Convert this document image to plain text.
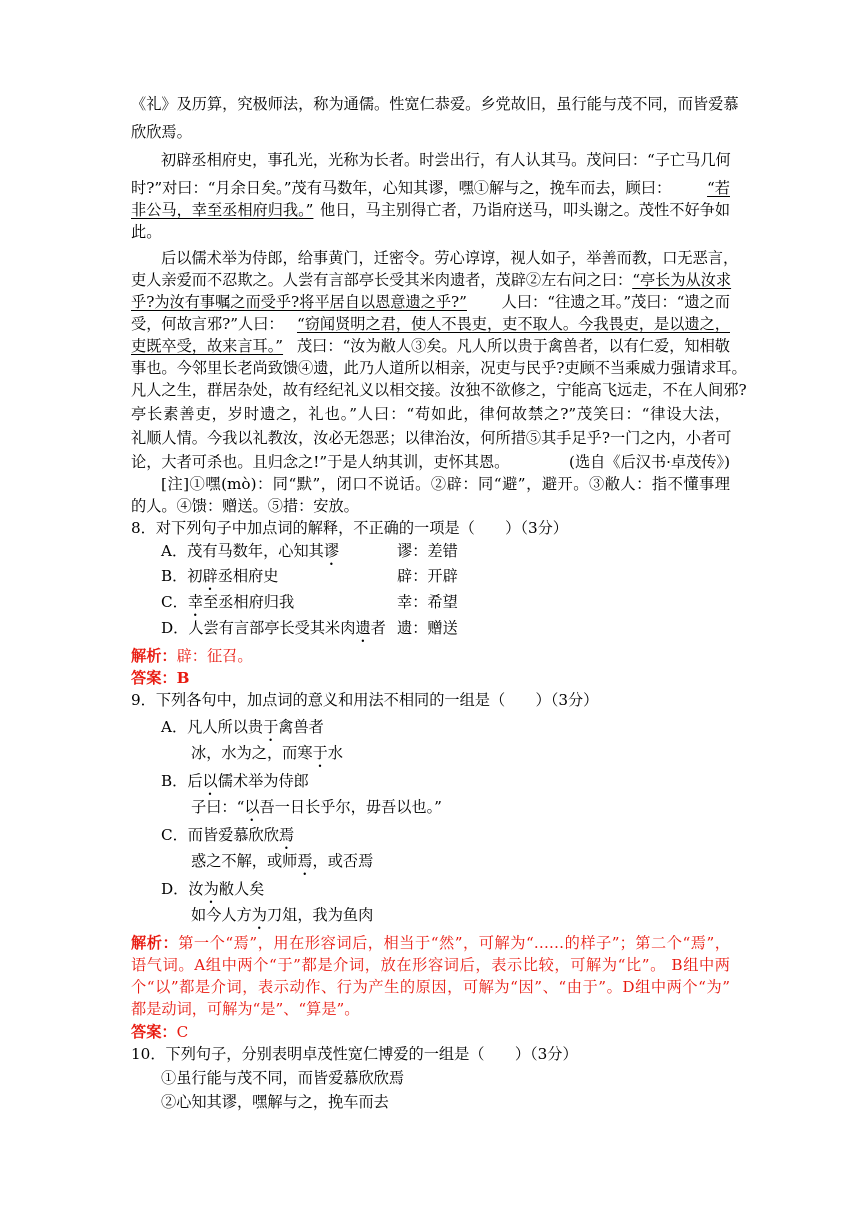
《礼》及历算，究极师法，称为通儒。性宽仁恭爱。乡党故旧，虽行能与茂不同，而皆爱慕
欣欣焉。
初辟丞相府史，事孔光，光称为长者。时尝出行，有人认其马。茂问曰：“子亡马几何
时?”对曰：“月余日矣。”茂有马数年，心知其谬，嘿①解与之，挽车而去，顾曰： “若
非公马，幸至丞相府归我。” 他日，马主别得亡者，乃诣府送马，叩头谢之。茂性不好争如
此。
后以儒术举为侍郎，给事黄门，迁密令。劳心谆谆，视人如子，举善而教，口无恶言，
吏人亲爱而不忍欺之。人尝有言部亭长受其米肉遗者，茂辟②左右问之曰： “亭长为从汝求
乎?为汝有事嘱之而受乎?将平居自以恩意遗之乎?” 人曰：“往遗之耳。”茂曰：“遗之而
受，何故言邪?”人曰： “窃闻贤明之君，使人不畏吏，吏不取人。今我畏吏，是以遗之，
吏既卒受，故来言耳。” 茂曰：“汝为敝人③矣。凡人所以贵于禽兽者，以有仁爱，知相敬
事也。今邻里长老尚致馈④遗，此乃人道所以相亲，况吏与民乎?吏顾不当乘威力强请求耳。
凡人之生，群居杂处，故有经纪礼义以相交接。汝独不欲修之，宁能高飞远走，不在人间邪?
亭长素善吏，岁时遗之，礼也。”人曰：“苟如此，律何故禁之?”茂笑曰：“律设大法，
礼顺人情。今我以礼教汝，汝必无怨恶；以律治汝，何所措⑤其手足乎?一门之内，小者可
论，大者可杀也。且归念之!”于是人纳其训，吏怀其恩。	(选自《后汉书·卓茂传》)
[注]①嘿(mò)：同“默”，闭口不说话。②辟：同“避”，避开。③敝人：指不懂事理
的人。④馈：赠送。⑤措：安放。
8．对下列句子中加点词的解释，不正确的一项是（　　）（3分）
A．茂有马数年，心知其谬	谬：差错
B．初辟丞相府史	辟：开辟
C．幸至丞相府归我	幸：希望
D．人尝有言部亭长受其米肉遗者 遗：赠送
解析：辟：征召。
答案：B
9．下列各句中，加点词的意义和用法不相同的一组是（　　）（3分）
A．凡人所以贵于禽兽者
冰，水为之，而寒于水
B．后以儒术举为侍郎
子曰：“以吾一日长乎尔，毋吾以也。”
C．而皆爱慕欣欣焉
惑之不解，或师焉，或否焉
D．汝为敝人矣
如今人方为刀俎，我为鱼肉
解析：第一个“焉”，用在形容词后，相当于“然”，可解为“……的样子”；第二个“焉”，
语气词。A组中两个“于”都是介词，放在形容词后，表示比较，可解为“比”。 B组中两
个“以”都是介词，表示动作、行为产生的原因，可解为“因”、“由于”。D组中两个“为”
都是动词，可解为“是”、“算是”。
答案：C
10．下列句子，分别表明卓茂性宽仁博爱的一组是（　　）（3分）
①虽行能与茂不同，而皆爱慕欣欣焉
②心知其谬，嘿解与之，挽车而去
